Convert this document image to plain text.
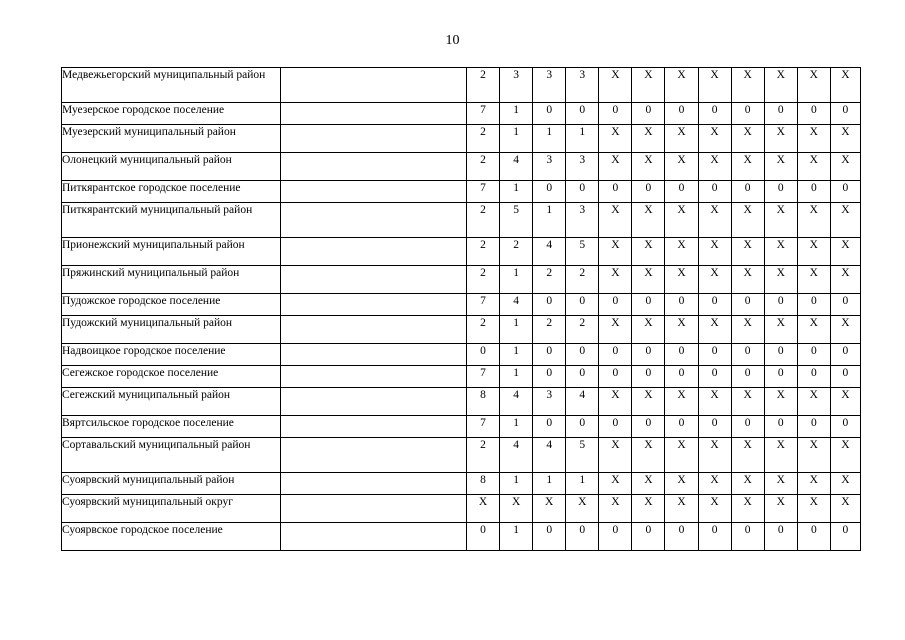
10
Медвежьегорский муниципальный район		2	3	3	3	X	X	X	X	X	X	X	X
Муезерское городское поселение		7	1	0	0	0	0	0	0	0	0	0	0
Муезерский муниципальный район		2	1	1	1	X	X	X	X	X	X	X	X
Олонецкий муниципальный район		2	4	3	3	X	X	X	X	X	X	X	X
Питкярантское городское поселение		7	1	0	0	0	0	0	0	0	0	0	0
Питкярантский муниципальный район		2	5	1	3	X	X	X	X	X	X	X	X
Прионежский муниципальный район		2	2	4	5	X	X	X	X	X	X	X	X
Пряжинский муниципальный район		2	1	2	2	X	X	X	X	X	X	X	X
Пудожское городское поселение		7	4	0	0	0	0	0	0	0	0	0	0
Пудожский муниципальный район		2	1	2	2	X	X	X	X	X	X	X	X
Надвоицкое городское поселение		0	1	0	0	0	0	0	0	0	0	0	0
Сегежское городское поселение		7	1	0	0	0	0	0	0	0	0	0	0
Сегежский муниципальный район		8	4	3	4	X	X	X	X	X	X	X	X
Вяртсильское городское поселение		7	1	0	0	0	0	0	0	0	0	0	0
Сортавальский муниципальный район		2	4	4	5	X	X	X	X	X	X	X	X
Суоярвский муниципальный район		8	1	1	1	X	X	X	X	X	X	X	X
Суоярвский муниципальный округ		X	X	X	X	X	X	X	X	X	X	X	X
Суоярвское городское поселение		0	1	0	0	0	0	0	0	0	0	0	0
